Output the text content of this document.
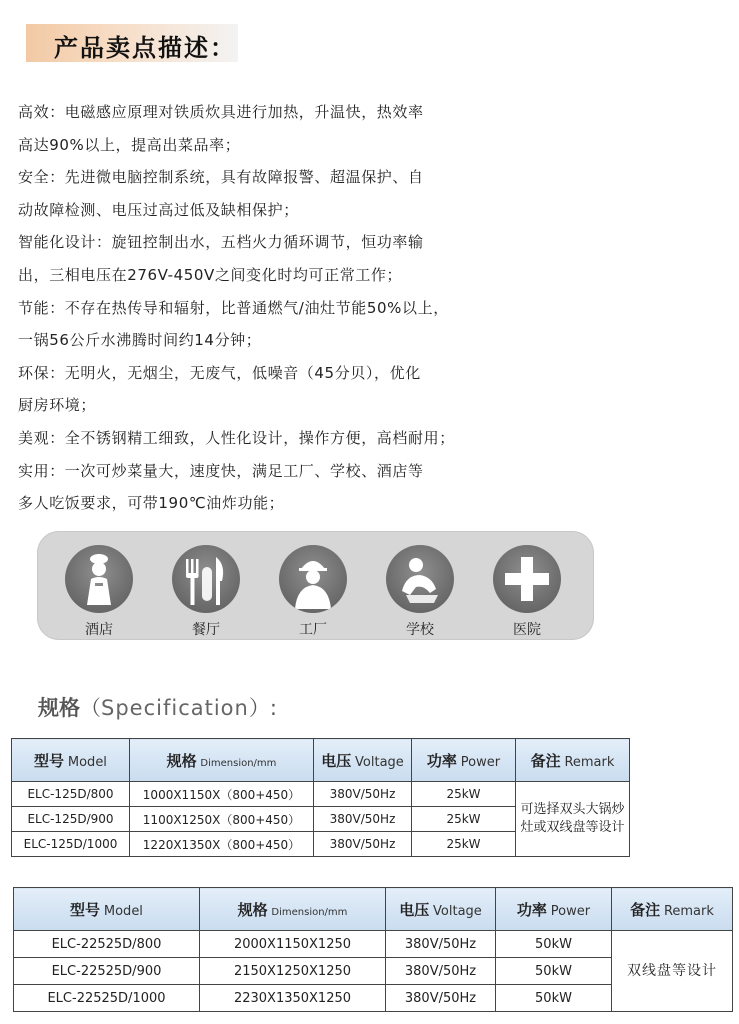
产品卖点描述：
高效：电磁感应原理对铁质炊具进行加热，升温快，热效率
高达90%以上，提高出菜品率；
安全：先进微电脑控制系统，具有故障报警、超温保护、自
动故障检测、电压过高过低及缺相保护；
智能化设计：旋钮控制出水，五档火力循环调节，恒功率输
出，三相电压在276V-450V之间变化时均可正常工作；
节能：不存在热传导和辐射，比普通燃气/油灶节能50%以上，
一锅56公斤水沸腾时间约14分钟；
环保：无明火，无烟尘，无废气，低噪音（45分贝），优化
厨房环境；
美观：全不锈钢精工细致，人性化设计，操作方便，高档耐用；
实用：一次可炒菜量大，速度快，满足工厂、学校、酒店等
多人吃饭要求，可带190℃油炸功能；
酒店	餐厅	工厂	学校	医院
规格（Specification）:
型号 Model	规格 Dimension/mm	电压 Voltage	功率 Power	备注 Remark
ELC-125D/800	1000X1150X（800+450）	380V/50Hz	25kW	可选择双头大锅炒灶或双线盘等设计
ELC-125D/900	1100X1250X（800+450）	380V/50Hz	25kW	
ELC-125D/1000	1220X1350X（800+450）	380V/50Hz	25kW	
型号 Model	规格 Dimension/mm	电压 Voltage	功率 Power	备注 Remark
ELC-22525D/800	2000X1150X1250	380V/50Hz	50kW	双线盘等设计
ELC-22525D/900	2150X1250X1250	380V/50Hz	50kW	
ELC-22525D/1000	2230X1350X1250	380V/50Hz	50kW	
